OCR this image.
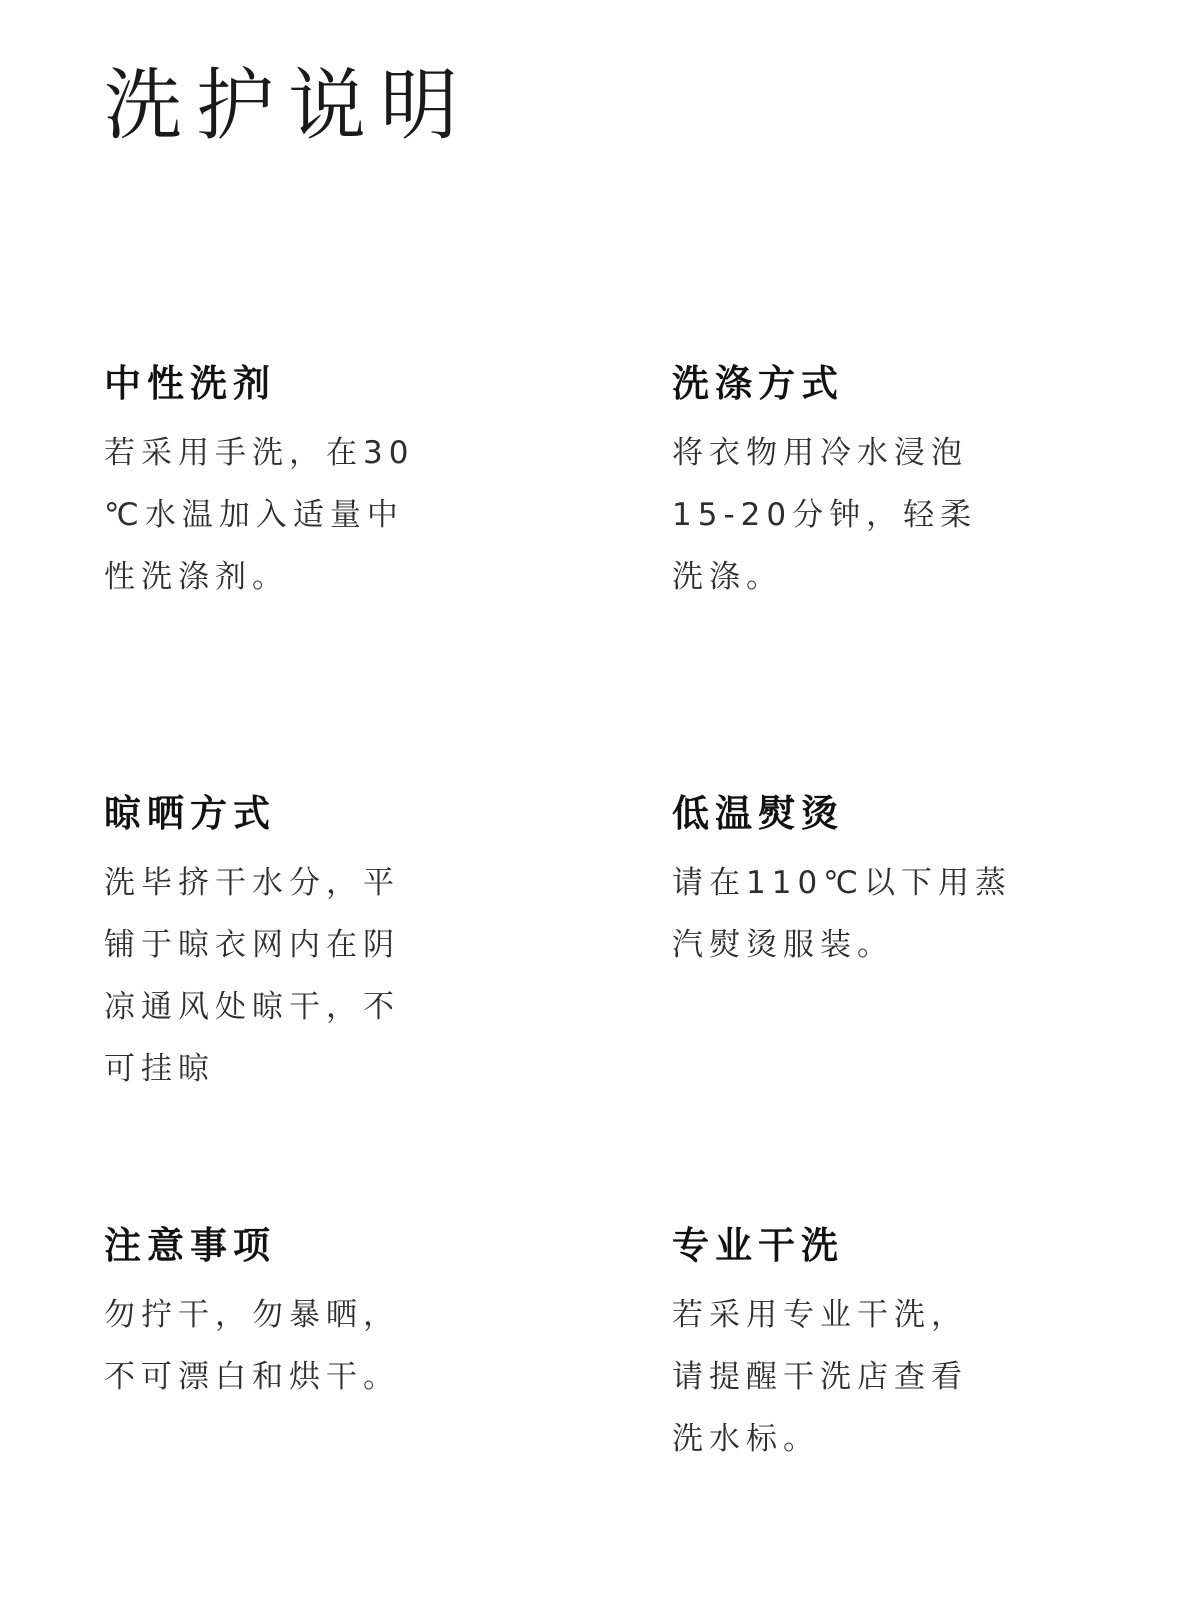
洗护说明
中性洗剂
若采用手洗，在30
℃水温加入适量中
性洗涤剂。
洗涤方式
将衣物用冷水浸泡
15-20分钟，轻柔
洗涤。
晾晒方式
洗毕挤干水分，平
铺于晾衣网内在阴
凉通风处晾干，不
可挂晾
低温熨烫
请在110℃以下用蒸
汽熨烫服装。
注意事项
勿拧干，勿暴晒，
不可漂白和烘干。
专业干洗
若采用专业干洗，
请提醒干洗店查看
洗水标。
